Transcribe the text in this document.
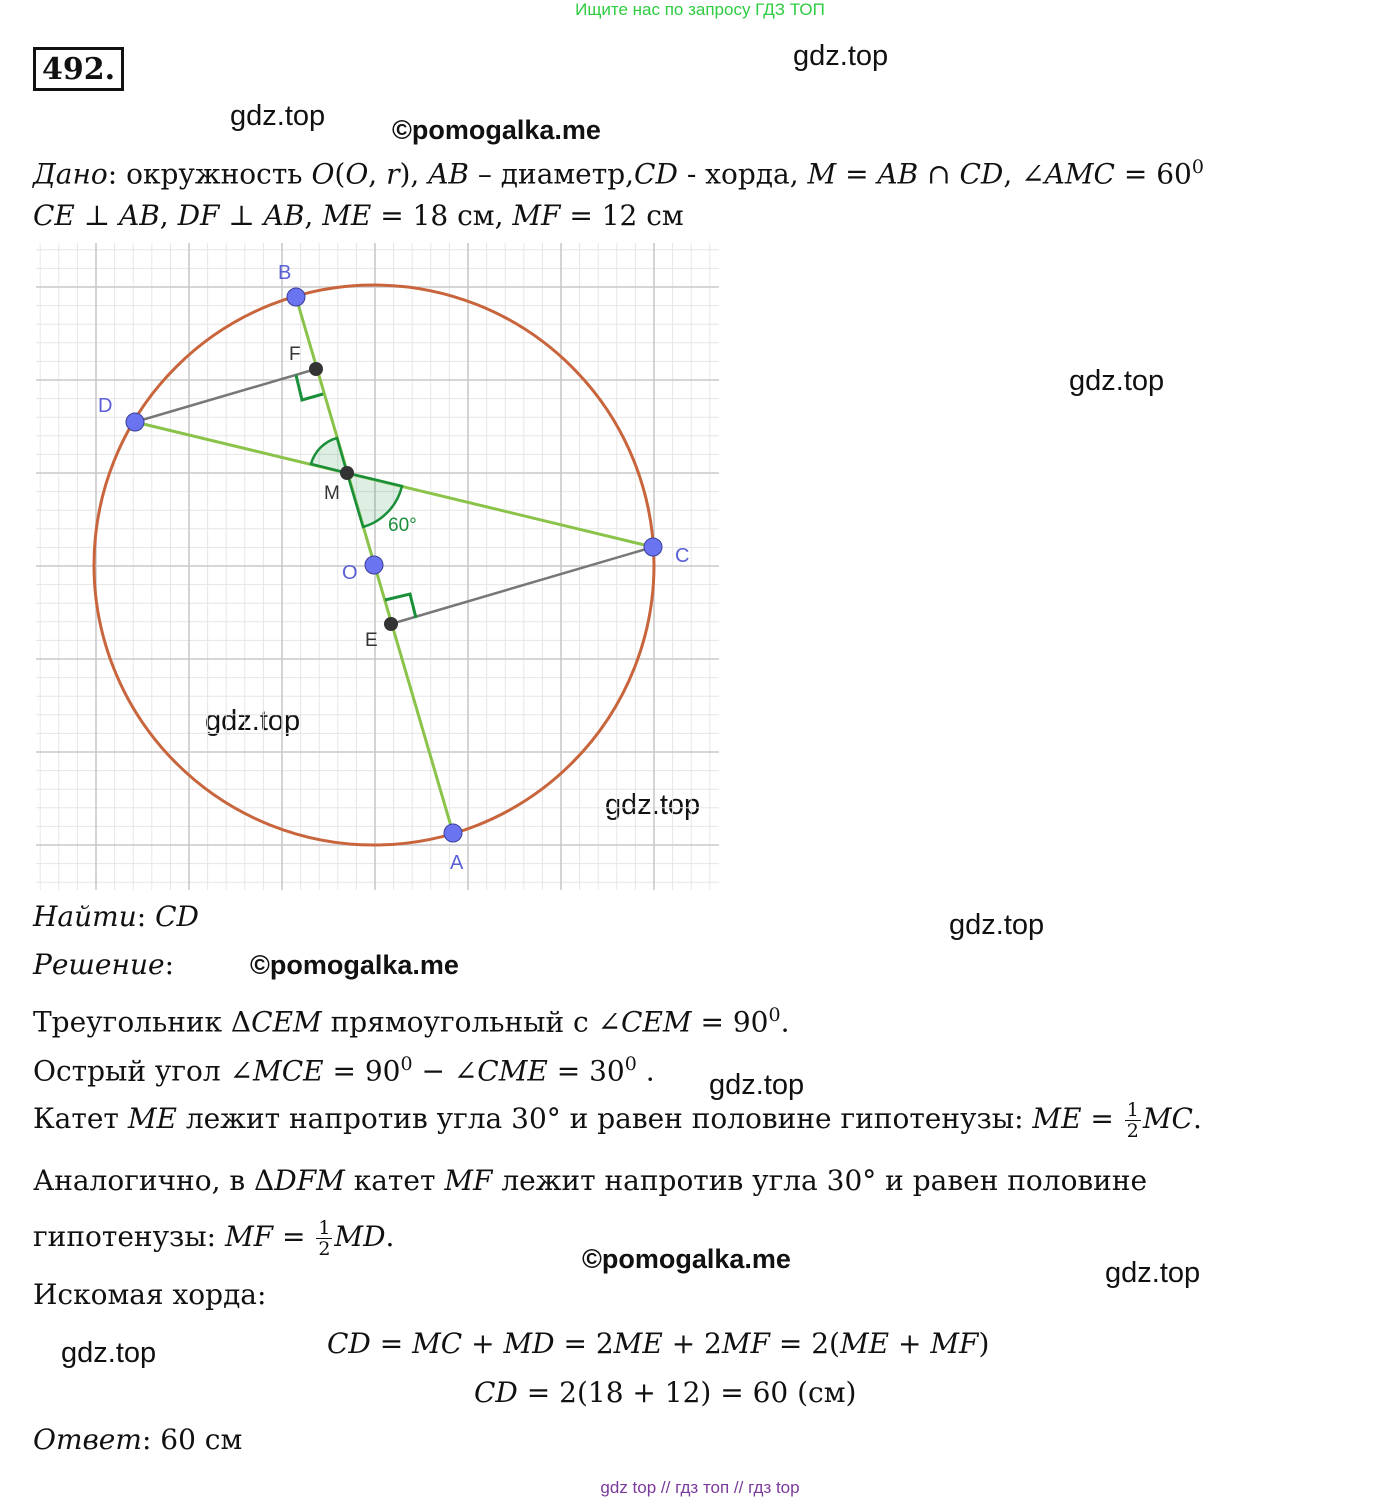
Ищите нас по запросу ГДЗ ТОП
492.	gdz.top
gdz.top ©pomogalka.me
gdz.top
gdz.top
gdz.top
gdz.top
©pomogalka.me
gdz.top
©pomogalka.me	gdz.top
gdz.top
Дано: окружность 𝑂(𝑂, 𝑟), 𝐴𝐵 – диаметр,𝐶𝐷 - хорда, 𝑀 = 𝐴𝐵 ∩ 𝐶𝐷, ∠𝐴𝑀𝐶 = $60^0$
𝐶𝐸 ⊥ 𝐴𝐵, 𝐷𝐹 ⊥ 𝐴𝐵, 𝑀𝐸 = 18 см, 𝑀𝐹 = 12 см
B
A
D
C
O
F
M
E
60°
Найти: 𝐶𝐷
Решение:
Треугольник Δ𝐶𝐸𝑀 прямоугольный с ∠𝐶𝐸𝑀 = $90^0$.
Острый угол ∠𝑀𝐶𝐸 = $90^0$ − ∠𝐶𝑀𝐸 = $30^0$ .
Катет 𝑀𝐸 лежит напротив угла 30° и равен половине гипотенузы: 𝑀𝐸 = $\frac{1}{2}$ 𝑀𝐶.
Аналогично, в Δ𝐷𝐹𝑀 катет 𝑀𝐹 лежит напротив угла 30° и равен половине
гипотенузы: 𝑀𝐹 = $\frac{1}{2}$ 𝑀𝐷.
Искомая хорда:
𝐶𝐷 = 𝑀𝐶 + 𝑀𝐷 = 2𝑀𝐸 + 2𝑀𝐹 = 2(𝑀𝐸 + 𝑀𝐹)
𝐶𝐷 = 2(18 + 12) = 60 (см)
Ответ: 60 см
gdz top // гдз топ // гдз top
